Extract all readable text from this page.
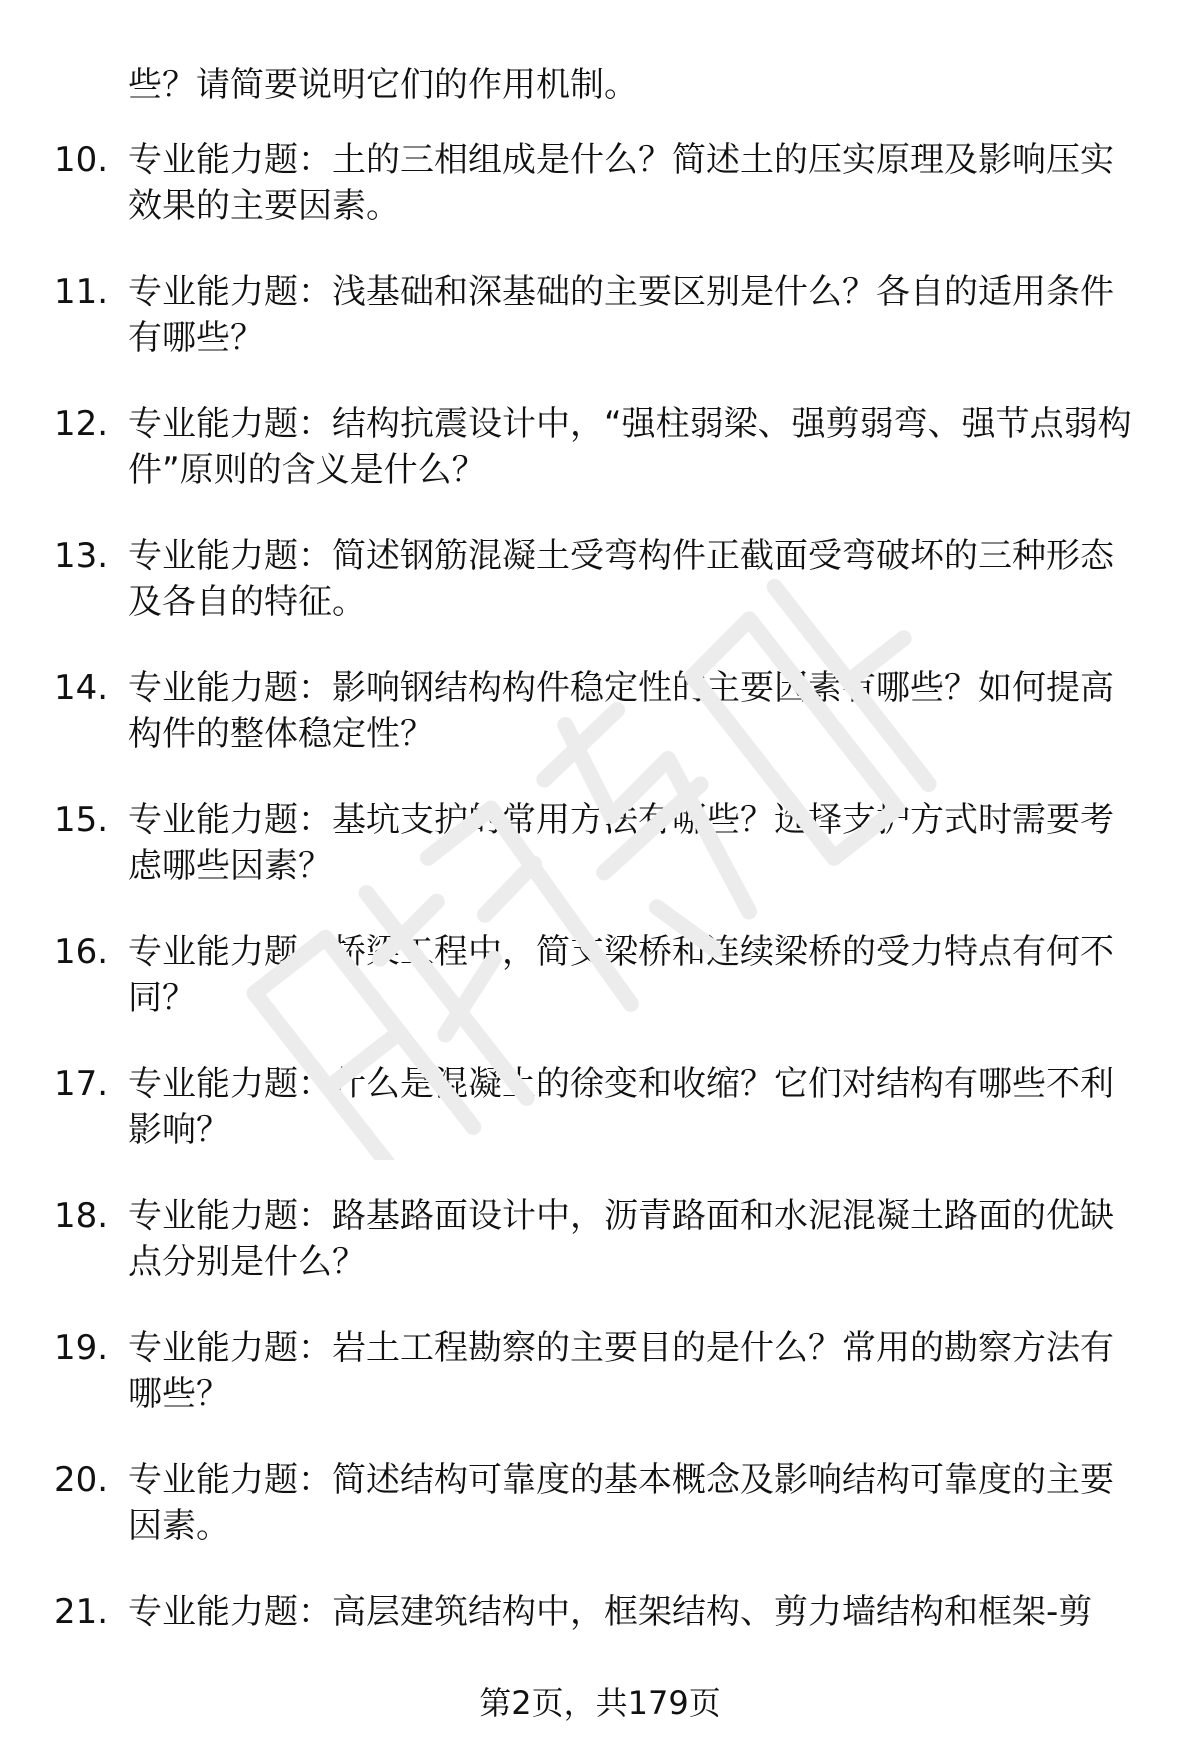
些？请简要说明它们的作用机制。
10. 专业能力题：土的三相组成是什么？简述土的压实原理及影响压实效果的主要因素。
11. 专业能力题：浅基础和深基础的主要区别是什么？各自的适用条件有哪些？
12. 专业能力题：结构抗震设计中，“强柱弱梁、强剪弱弯、强节点弱构件”原则的含义是什么？
13. 专业能力题：简述钢筋混凝土受弯构件正截面受弯破坏的三种形态及各自的特征。
14. 专业能力题：影响钢结构构件稳定性的主要因素有哪些？如何提高构件的整体稳定性？
15. 专业能力题：基坑支护的常用方法有哪些？选择支护方式时需要考虑哪些因素？
16. 专业能力题：桥梁工程中，简支梁桥和连续梁桥的受力特点有何不同？
17. 专业能力题：什么是混凝土的徐变和收缩？它们对结构有哪些不利影响？
18. 专业能力题：路基路面设计中，沥青路面和水泥混凝土路面的优缺点分别是什么？
19. 专业能力题：岩土工程勘察的主要目的是什么？常用的勘察方法有哪些？
20. 专业能力题：简述结构可靠度的基本概念及影响结构可靠度的主要因素。
21. 专业能力题：高层建筑结构中，框架结构、剪力墙结构和框架-剪
第2页，共179页
